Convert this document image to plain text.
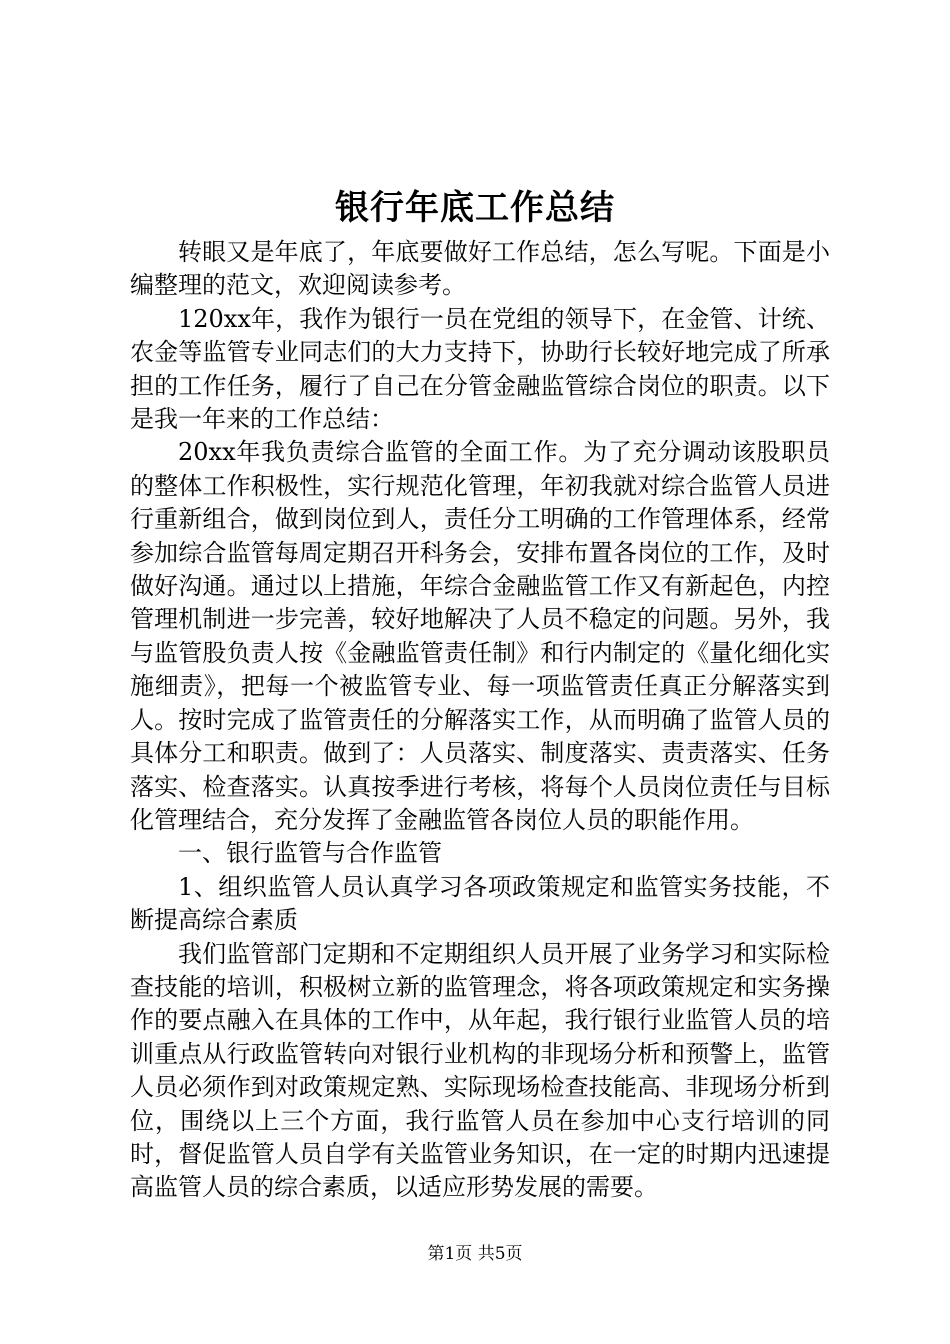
银行年底工作总结

转眼又是年底了，年底要做好工作总结，怎么写呢。下面是小编整理的范文，欢迎阅读参考。

120xx年，我作为银行一员在党组的领导下，在金管、计统、农金等监管专业同志们的大力支持下，协助行长较好地完成了所承担的工作任务，履行了自己在分管金融监管综合岗位的职责。以下是我一年来的工作总结：

20xx年我负责综合监管的全面工作。为了充分调动该股职员的整体工作积极性，实行规范化管理，年初我就对综合监管人员进行重新组合，做到岗位到人，责任分工明确的工作管理体系，经常参加综合监管每周定期召开科务会，安排布置各岗位的工作，及时做好沟通。通过以上措施，年综合金融监管工作又有新起色，内控管理机制进一步完善，较好地解决了人员不稳定的问题。另外，我与监管股负责人按《金融监管责任制》和行内制定的《量化细化实施细责》，把每一个被监管专业、每一项监管责任真正分解落实到人。按时完成了监管责任的分解落实工作，从而明确了监管人员的具体分工和职责。做到了：人员落实、制度落实、责责落实、任务落实、检查落实。认真按季进行考核，将每个人员岗位责任与目标化管理结合，充分发挥了金融监管各岗位人员的职能作用。

一、银行监管与合作监管

1、组织监管人员认真学习各项政策规定和监管实务技能，不断提高综合素质

我们监管部门定期和不定期组织人员开展了业务学习和实际检查技能的培训，积极树立新的监管理念，将各项政策规定和实务操作的要点融入在具体的工作中，从年起，我行银行业监管人员的培训重点从行政监管转向对银行业机构的非现场分析和预警上，监管人员必须作到对政策规定熟、实际现场检查技能高、非现场分析到位，围绕以上三个方面，我行监管人员在参加中心支行培训的同时，督促监管人员自学有关监管业务知识，在一定的时期内迅速提高监管人员的综合素质，以适应形势发展的需要。

第1页 共5页
